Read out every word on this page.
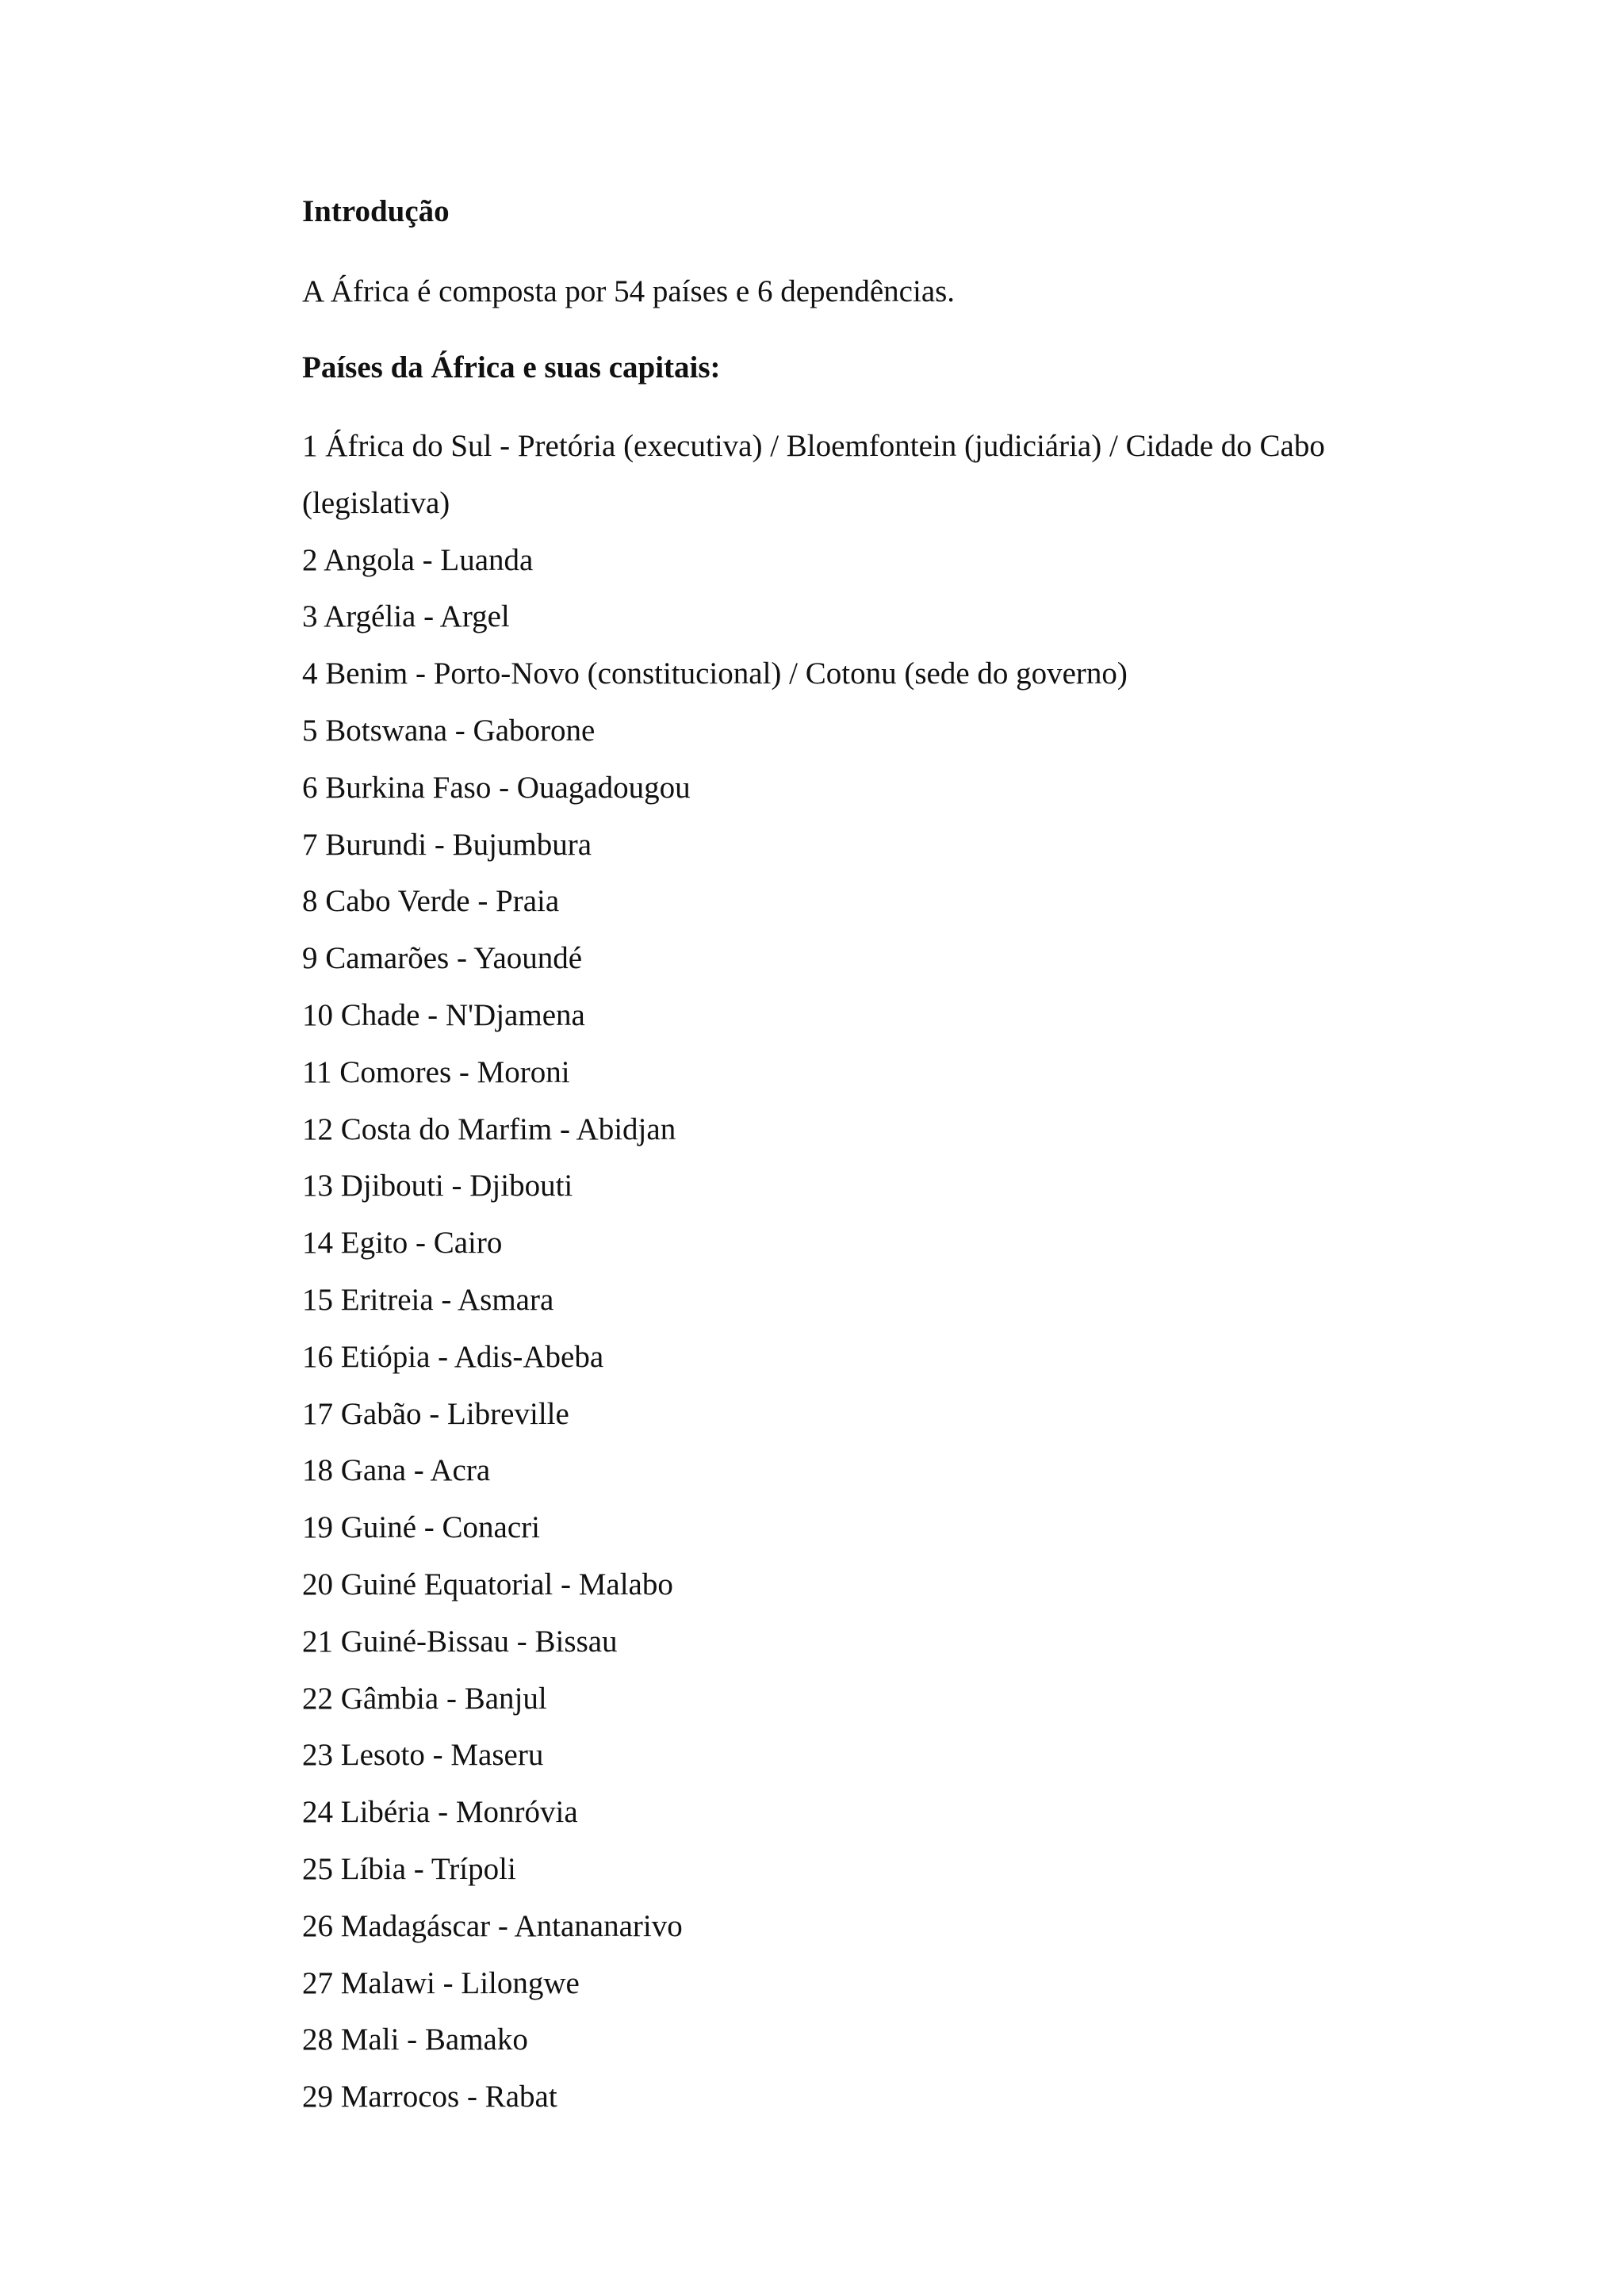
Introdução

A África é composta por 54 países e 6 dependências.

Países da África e suas capitais:

1 África do Sul - Pretória (executiva) / Bloemfontein (judiciária) / Cidade do Cabo (legislativa)
2 Angola - Luanda
3 Argélia - Argel
4 Benim - Porto-Novo (constitucional) / Cotonu (sede do governo)
5 Botswana - Gaborone
6 Burkina Faso - Ouagadougou
7 Burundi - Bujumbura
8 Cabo Verde - Praia
9 Camarões - Yaoundé
10 Chade - N'Djamena
11 Comores - Moroni
12 Costa do Marfim - Abidjan
13 Djibouti - Djibouti
14 Egito - Cairo
15 Eritreia - Asmara
16 Etiópia - Adis-Abeba
17 Gabão - Libreville
18 Gana - Acra
19 Guiné - Conacri
20 Guiné Equatorial - Malabo
21 Guiné-Bissau - Bissau
22 Gâmbia - Banjul
23 Lesoto - Maseru
24 Libéria - Monróvia
25 Líbia - Trípoli
26 Madagáscar - Antananarivo
27 Malawi - Lilongwe
28 Mali - Bamako
29 Marrocos - Rabat
